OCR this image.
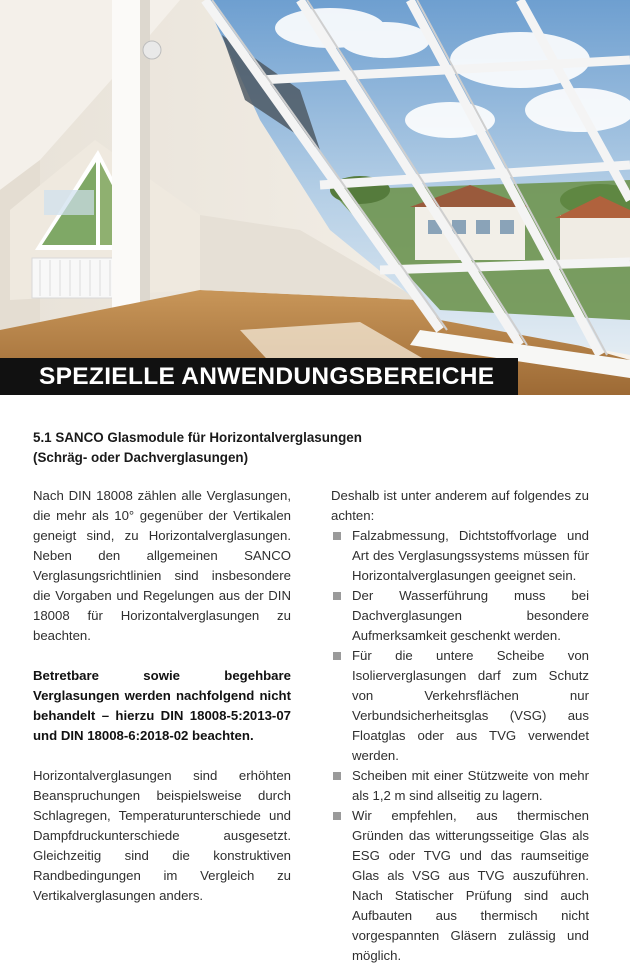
SPEZIELLE ANWENDUNGSBEREICHE
5.1 SANCO Glasmodule für Horizontalverglasungen
(Schräg- oder Dachverglasungen)

Nach DIN 18008 zählen alle Verglasungen, die mehr als 10° gegenüber der Vertikalen geneigt sind, zu Horizontalverglasungen. Neben den allgemeinen SANCO Verglasungsrichtlinien sind insbesondere die Vorgaben und Regelungen aus der DIN 18008 für Horizontalverglasungen zu beachten.

Betretbare sowie begehbare Verglasungen werden nachfolgend nicht behandelt – hierzu DIN 18008-5:2013-07 und DIN 18008-6:2018-02 beachten.

Horizontalverglasungen sind erhöhten Beanspruchungen beispielsweise durch Schlagregen, Temperaturunterschiede und Dampfdruckunterschiede ausgesetzt. Gleichzeitig sind die konstruktiven Randbedingungen im Vergleich zu Vertikalverglasungen anders.

Deshalb ist unter anderem auf folgendes zu achten:

Falzabmessung, Dichtstoffvorlage und Art des Verglasungssystems müssen für Horizontalverglasungen geeignet sein.
Der Wasserführung muss bei Dachverglasungen besondere Aufmerksamkeit geschenkt werden.
Für die untere Scheibe von Isolierverglasungen darf zum Schutz von Verkehrsflächen nur Verbundsicherheitsglas (VSG) aus Floatglas oder aus TVG verwendet werden.
Scheiben mit einer Stützweite von mehr als 1,2 m sind allseitig zu lagern.
Wir empfehlen, aus thermischen Gründen das witterungsseitige Glas als ESG oder TVG und das raumseitige Glas als VSG aus TVG auszuführen. Nach Statischer Prüfung sind auch Aufbauten aus thermisch nicht vorgespannten Gläsern zulässig und möglich.
